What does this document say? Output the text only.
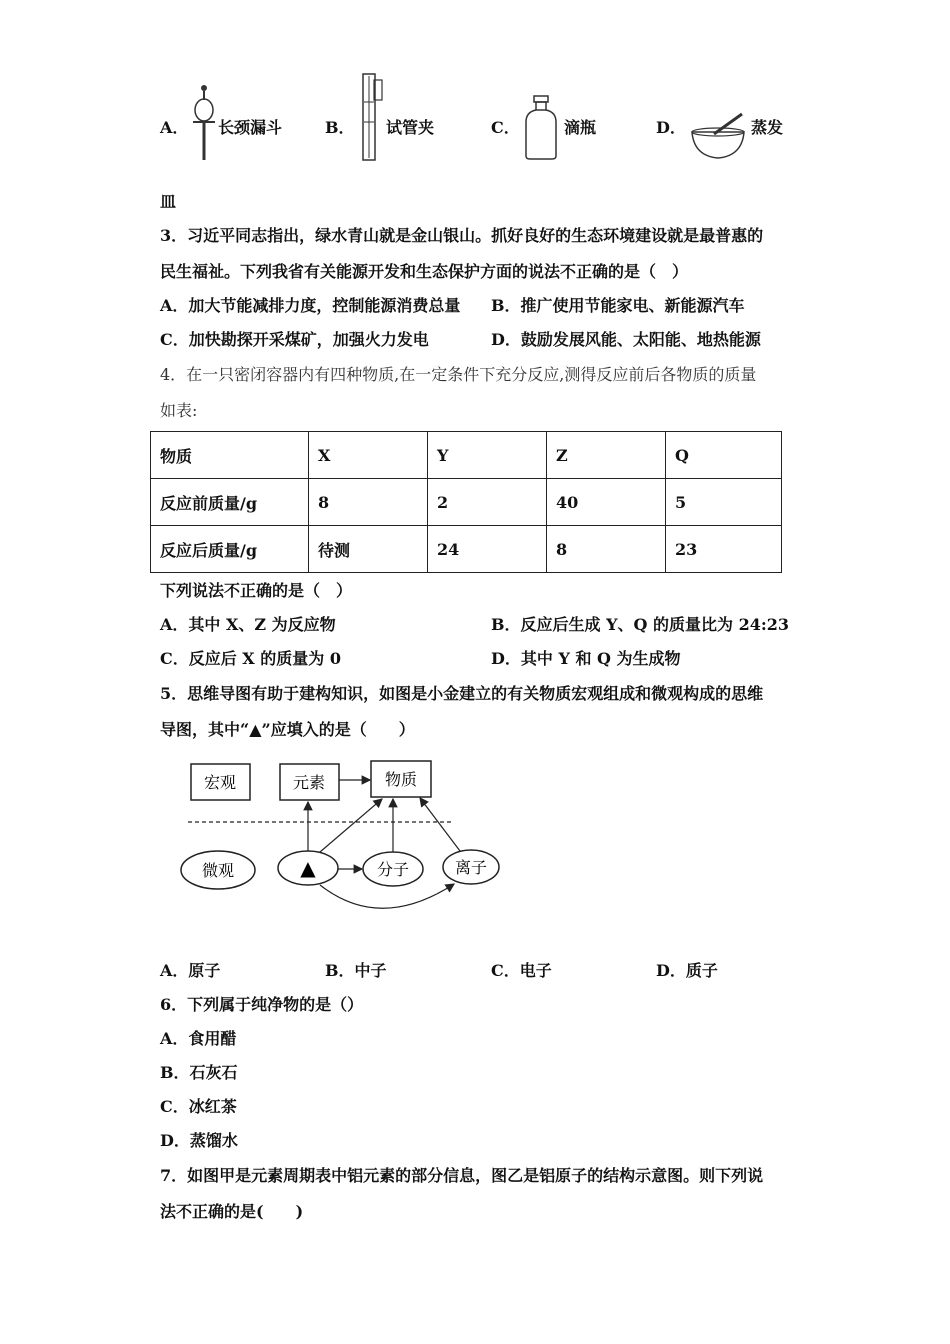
A． 长颈漏斗	B． 试管夹	C．	滴瓶	D．	蒸发
皿
3．习近平同志指出，绿水青山就是金山银山。抓好良好的生态环境建设就是最普惠的
民生福祉。下列我省有关能源开发和生态保护方面的说法不正确的是（　）
A．加大节能减排力度，控制能源消费总量 B．推广使用节能家电、新能源汽车
C．加快勘探开采煤矿，加强火力发电	D．鼓励发展风能、太阳能、地热能源
4．在一只密闭容器内有四种物质,在一定条件下充分反应,测得反应前后各物质的质量
如表:
物质	X	Y	Z	Q
反应前质量/g	8	2	40	5
反应后质量/g	待测	24	8	23
下列说法不正确的是（　）
A．其中 X、Z 为反应物	B．反应后生成 Y、Q 的质量比为 24:23
C．反应后 X 的质量为 0	D．其中 Y 和 Q 为生成物
5．思维导图有助于建构知识，如图是小金建立的有关物质宏观组成和微观构成的思维
导图，其中“▲”应填入的是（　　）
宏观	元素	物质
微观	▲	分子	离子
A．原子	B．中子	C．电子	D．质子
6．下列属于纯净物的是（）
A．食用醋
B．石灰石
C．冰红茶
D．蒸馏水
7．如图甲是元素周期表中铝元素的部分信息，图乙是铝原子的结构示意图。则下列说
法不正确的是(　　)
